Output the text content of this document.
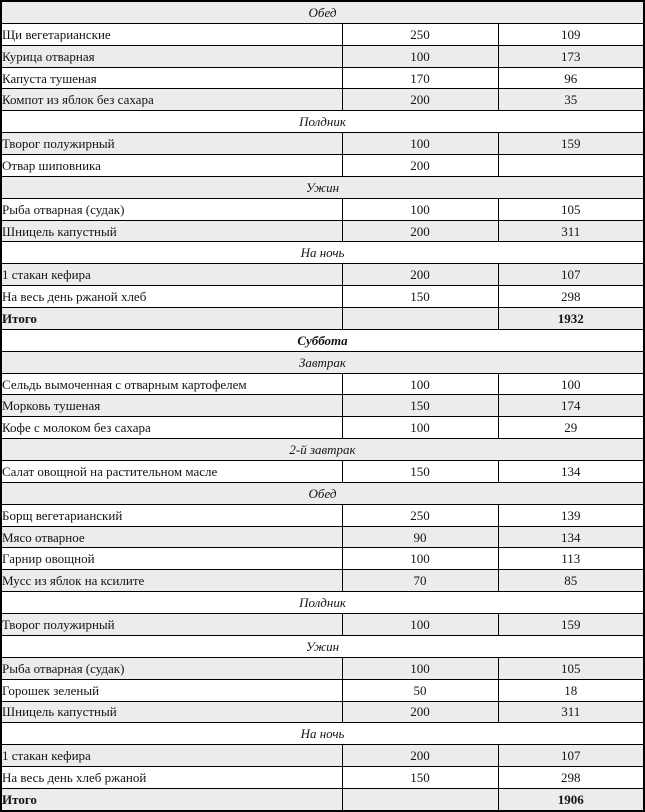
Обед		
Щи вегетарианские	250	109
Курица отварная	100	173
Капуста тушеная	170	96
Компот из яблок без сахара	200	35
Полдник		
Творог полужирный	100	159
Отвар шиповника	200	
Ужин		
Рыба отварная (судак)	100	105
Шницель капустный	200	311
На ночь		
1 стакан кефира	200	107
На весь день ржаной хлеб	150	298
Итого		1932
Суббота		
Завтрак		
Сельдь вымоченная с отварным картофелем	100	100
Морковь тушеная	150	174
Кофе с молоком без сахара	100	29
2-й завтрак		
Салат овощной на растительном масле	150	134
Обед		
Борщ вегетарианский	250	139
Мясо отварное	90	134
Гарнир овощной	100	113
Мусс из яблок на ксилите	70	85
Полдник		
Творог полужирный	100	159
Ужин		
Рыба отварная (судак)	100	105
Горошек зеленый	50	18
Шницель капустный	200	311
На ночь		
1 стакан кефира	200	107
На весь день хлеб ржаной	150	298
Итого		1906
